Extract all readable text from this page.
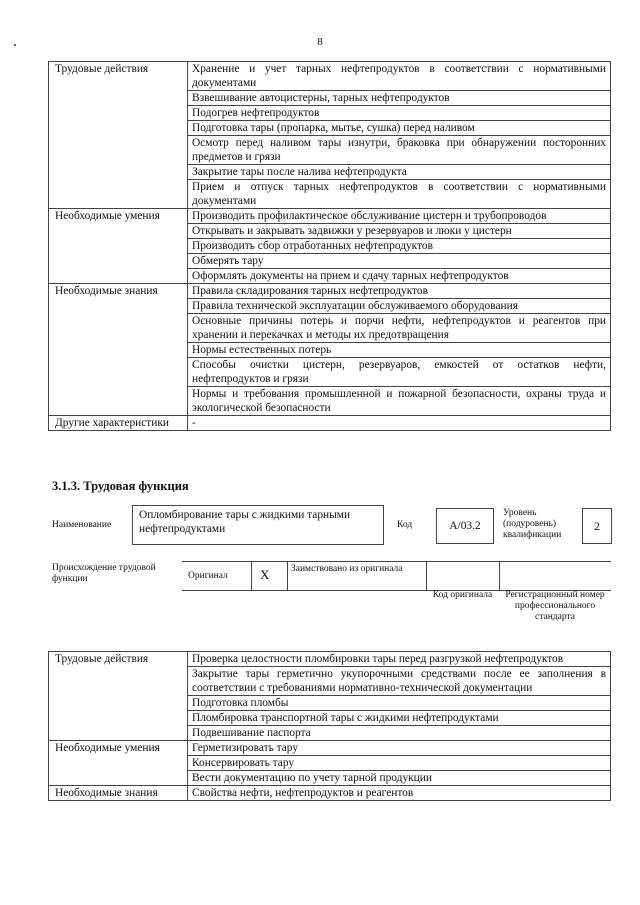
8
Трудовые действия	Хранение и учет тарных нефтепродуктов в соответствии с нормативными документами
	Взвешивание автоцистерны, тарных нефтепродуктов
	Подогрев нефтепродуктов
	Подготовка тары (пропарка, мытье, сушка) перед наливом
	Осмотр перед наливом тары изнутри, браковка при обнаружении посторонних предметов и грязи
	Закрытие тары после налива нефтепродукта
	Прием и отпуск тарных нефтепродуктов в соответствии с нормативными документами
Необходимые умения	Производить профилактическое обслуживание цистерн и трубопроводов
	Открывать и закрывать задвижки у резервуаров и люки у цистерн
	Производить сбор отработанных нефтепродуктов
	Обмерять тару
	Оформлять документы на прием и сдачу тарных нефтепродуктов
Необходимые знания	Правила складирования тарных нефтепродуктов
	Правила технической эксплуатации обслуживаемого оборудования
	Основные причины потерь и порчи нефти, нефтепродуктов и реагентов при хранении и перекачках и методы их предотвращения
	Нормы естественных потерь
	Способы очистки цистерн, резервуаров, емкостей от остатков нефти, нефтепродуктов и грязи
	Нормы и требования промышленной и пожарной безопасности, охраны труда и экологической безопасности
Другие характеристики	-
3.1.3. Трудовая функция
Наименование
Опломбирование тары с жидкими тарными нефтепродуктами	Код	A/03.2
Уровень (подуровень) квалификации
2
Происхождение трудовой функции	Оригинал X Заимствовано из оригинала
Код оригинала	Регистрационный номер профессионального стандарта
Трудовые действия	Проверка целостности пломбировки тары перед разгрузкой нефтепродуктов
	Закрытие тары герметично укупорочными средствами после ее заполнения в соответствии с требованиями нормативно-технической документации
	Подготовка пломбы
	Пломбировка транспортной тары с жидкими нефтепродуктами
	Подвешивание паспорта
Необходимые умения	Герметизировать тару
	Консервировать тару
	Вести документацию по учету тарной продукции
Необходимые знания	Свойства нефти, нефтепродуктов и реагентов
